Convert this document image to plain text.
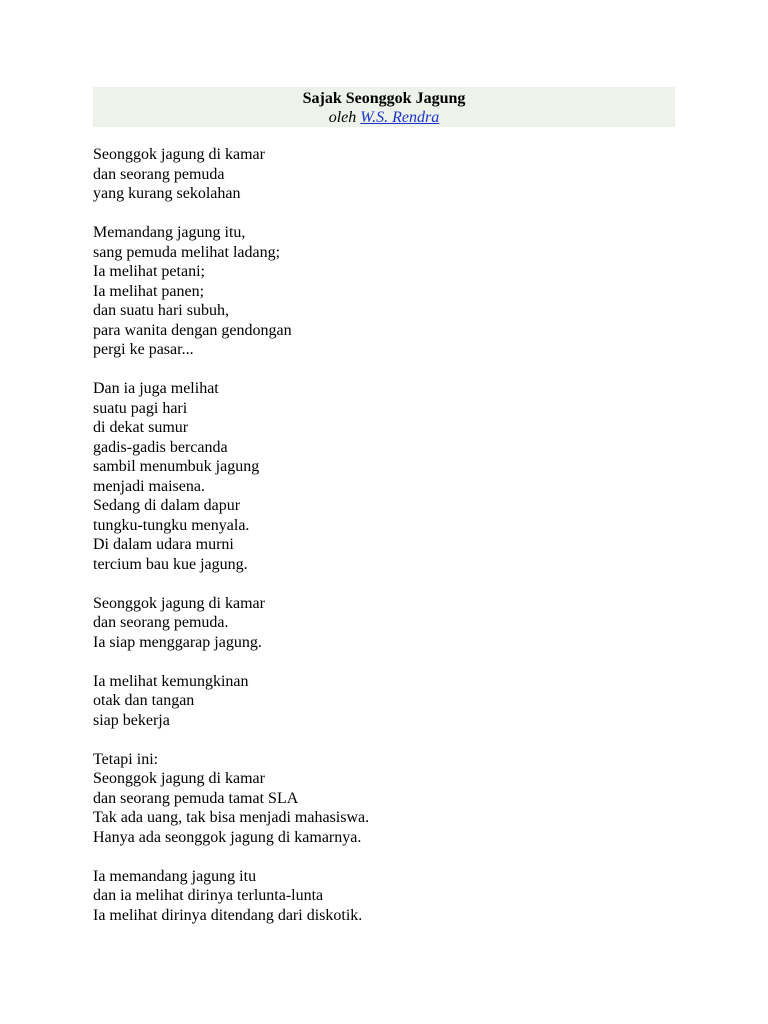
Sajak Seonggok Jagung
oleh W.S. Rendra
Seonggok jagung di kamar
dan seorang pemuda
yang kurang sekolahan
Memandang jagung itu,
sang pemuda melihat ladang;
Ia melihat petani;
Ia melihat panen;
dan suatu hari subuh,
para wanita dengan gendongan
pergi ke pasar...
Dan ia juga melihat
suatu pagi hari
di dekat sumur
gadis-gadis bercanda
sambil menumbuk jagung
menjadi maisena.
Sedang di dalam dapur
tungku-tungku menyala.
Di dalam udara murni
tercium bau kue jagung.
Seonggok jagung di kamar
dan seorang pemuda.
Ia siap menggarap jagung.
Ia melihat kemungkinan
otak dan tangan
siap bekerja
Tetapi ini:
Seonggok jagung di kamar
dan seorang pemuda tamat SLA
Tak ada uang, tak bisa menjadi mahasiswa.
Hanya ada seonggok jagung di kamarnya.
Ia memandang jagung itu
dan ia melihat dirinya terlunta-lunta
Ia melihat dirinya ditendang dari diskotik.
